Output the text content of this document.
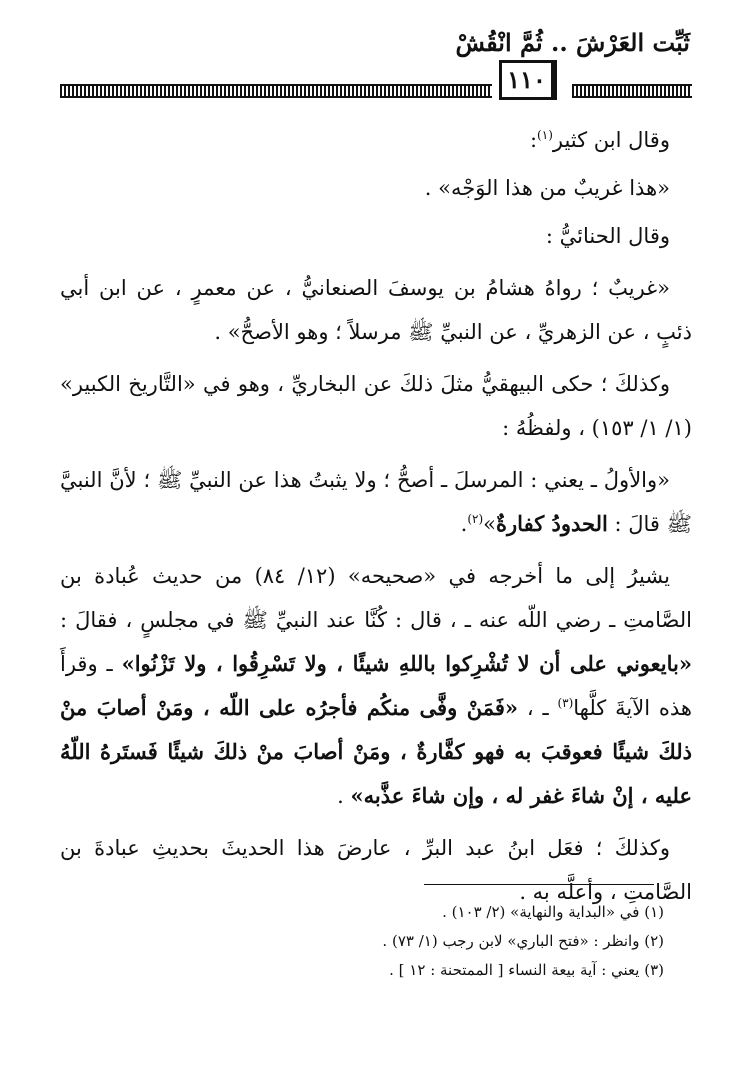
ثَبِّت العَرْشَ .. ثُمَّ انْقُشْ
١١٠

وقال ابن كثير$^{(١)}$:

«هذا غريبٌ من هذا الوَجْه» .

وقال الحنائيُّ :

«غريبٌ ؛ رواهُ هشامُ بن يوسفَ الصنعانيُّ ، عن معمرٍ ، عن ابن أبي ذئبٍ ، عن الزهريِّ ، عن النبيِّ ﷺ مرسلاً ؛ وهو الأصحُّ» .

وكذلكَ ؛ حكى البيهقيُّ مثلَ ذلكَ عن البخاريِّ ، وهو في «التَّاريخ الكبير» (١/ ١/ ١٥٣) ، ولفظُهُ :

«والأولُ ـ يعني : المرسلَ ـ أصحُّ ؛ ولا يثبتُ هذا عن النبيِّ ﷺ ؛ لأنَّ النبيَّ ﷺ قالَ : الحدودُ كفارةٌ»$^{(٢)}$.

يشيرُ إلى ما أخرجه في «صحيحه» (١٢/ ٨٤) من حديث عُبادة بن الصَّامتِ ـ رضي اللّه عنه ـ ، قال : كُنَّا عند النبيِّ ﷺ في مجلسٍ ، فقالَ : «بايعوني على أن لا تُشْرِكوا باللهِ شيئًا ، ولا تَسْرِقُوا ، ولا تَزْنُوا» ـ وقرأَ هذه الآيةَ كلَّها$^{(٣)}$ ـ ، «فَمَنْ وفَّى منكُم فأجرُه على اللّه ، ومَنْ أصابَ منْ ذلكَ شيئًا فعوقبَ به فهو كفَّارةٌ ، ومَنْ أصابَ منْ ذلكَ شيئًا فَستَرهُ اللّهُ عليه ، إنْ شاءَ غفر له ، وإن شاءَ عذَّبه» .

وكذلكَ ؛ فعَل ابنُ عبد البرِّ ، عارضَ هذا الحديثَ بحديثِ عبادةَ بن الصَّامتِ ، وأعلَّه به .

(١) في «البداية والنهاية» (٢/ ١٠٣) .
(٢) وانظر : «فتح الباري» لابن رجب (١/ ٧٣) .
(٣) يعني : آية بيعة النساء [ الممتحنة : ١٢ ] .
